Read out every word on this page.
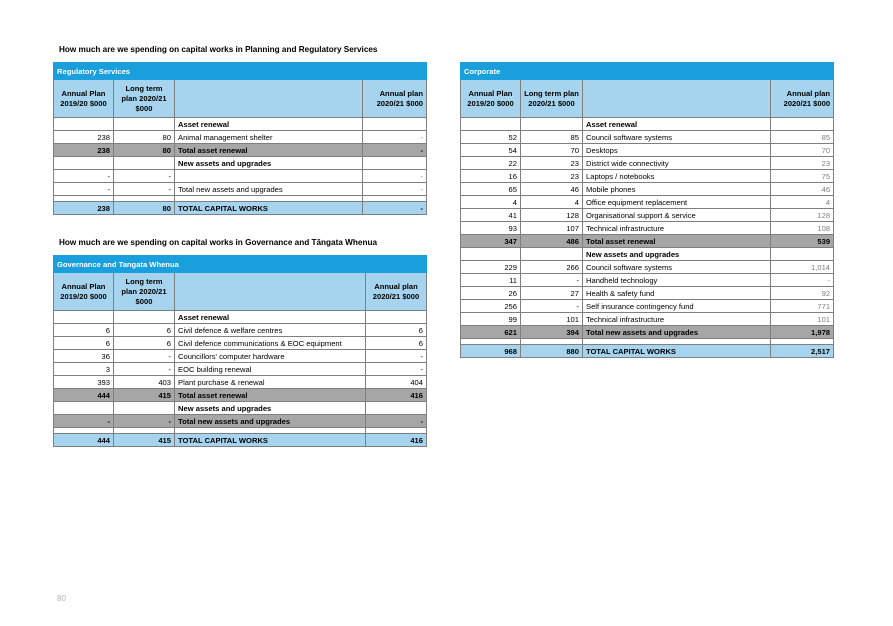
How much are we spending on capital works in Planning and Regulatory Services
Regulatory Services			
Annual Plan 2019/20 $000	Long term plan 2020/21 $000		Annual plan 2020/21 $000
		Asset renewal	
238	80	Animal management shelter	-
238	80	Total asset renewal	-
		New assets and upgrades	
-	-		-
-	-	Total new assets and upgrades	-

238	80	TOTAL CAPITAL WORKS	-
How much are we spending on capital works in Governance and Tāngata Whenua
Governance and Tangata Whenua			
Annual Plan 2019/20 $000	Long term plan 2020/21 $000		Annual plan 2020/21 $000
		Asset renewal	
6	6	Civil defence & welfare centres	6
6	6	Civil defence communications & EOC equipment	6
36	-	Councillors' computer hardware	-
3	-	EOC building renewal	-
393	403	Plant purchase & renewal	404
444	415	Total asset renewal	416
		New assets and upgrades	
-	-	Total new assets and upgrades	-

444	415	TOTAL CAPITAL WORKS	416
Corporate			
Annual Plan 2019/20 $000	Long term plan 2020/21 $000		Annual plan 2020/21 $000
		Asset renewal	
52	85	Council software systems	85
54	70	Desktops	70
22	23	District wide connectivity	23
16	23	Laptops / notebooks	75
65	46	Mobile phones	46
4	4	Office equipment replacement	4
41	128	Organisational support & service	128
93	107	Technical infrastructure	108
347	486	Total asset renewal	539
		New assets and upgrades	
229	266	Council software systems	1,014
11	-	Handheld technology	-
26	27	Health & safety fund	92
256	-	Self insurance contingency fund	771
99	101	Technical infrastructure	101
621	394	Total new assets and upgrades	1,978

968	880	TOTAL CAPITAL WORKS	2,517
80
